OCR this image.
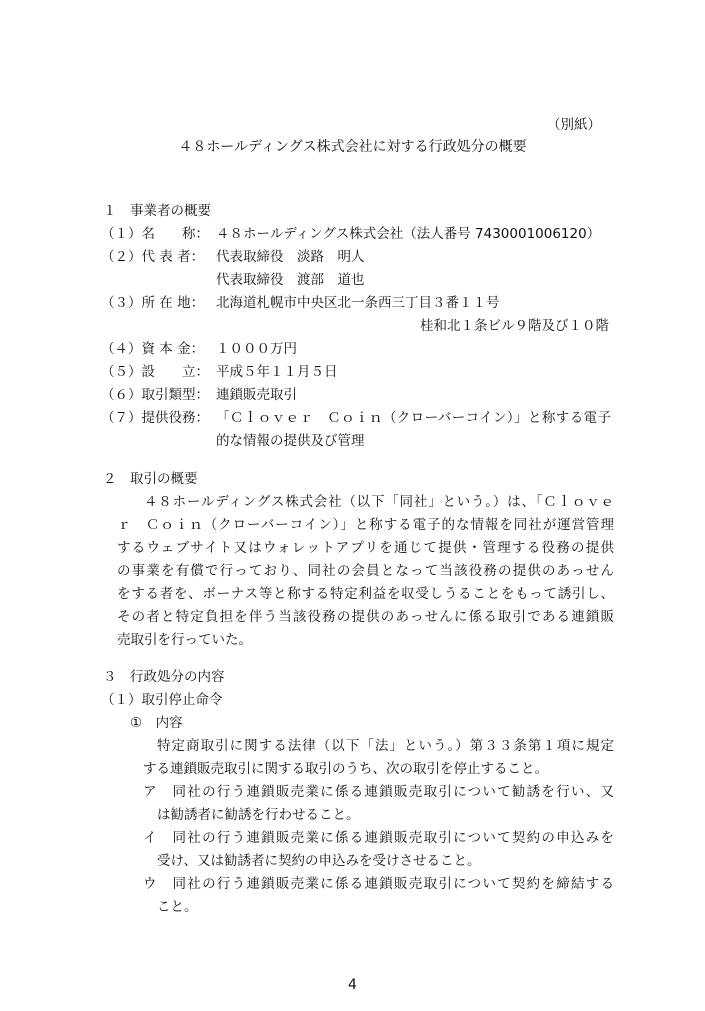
（別紙）
４８ホールディングス株式会社に対する行政処分の概要
１　事業者の概要
（１）名　　称： ４８ホールディングス株式会社（法人番号 7430001006120）
（２）代 表 者： 代表取締役　淡路　明人
代表取締役　渡部　道也
（３）所 在 地： 北海道札幌市中央区北一条西三丁目３番１１号
桂和北１条ビル９階及び１０階
（４）資 本 金： １０００万円
（５）設　　立： 平成５年１１月５日
（６）取引類型： 連鎖販売取引
（７）提供役務： 「Ｃｌｏｖｅｒ　Ｃｏｉｎ（クローバーコイン）」と称する電子
的な情報の提供及び管理
２　取引の概要
４８ホールディングス株式会社（以下「同社」という。）は、「Ｃｌｏｖｅ
ｒ　Ｃｏｉｎ（クローバーコイン）」と称する電子的な情報を同社が運営管理
するウェブサイト又はウォレットアプリを通じて提供・管理する役務の提供
の事業を有償で行っており、同社の会員となって当該役務の提供のあっせん
をする者を、ボーナス等と称する特定利益を収受しうることをもって誘引し、
その者と特定負担を伴う当該役務の提供のあっせんに係る取引である連鎖販
売取引を行っていた。
３　行政処分の内容
（１）取引停止命令
①　内容
特定商取引に関する法律（以下「法」という。）第３３条第１項に規定
する連鎖販売取引に関する取引のうち、次の取引を停止すること。
ア　同社の行う連鎖販売業に係る連鎖販売取引について勧誘を行い、又
は勧誘者に勧誘を行わせること。
イ　同社の行う連鎖販売業に係る連鎖販売取引について契約の申込みを
受け、又は勧誘者に契約の申込みを受けさせること。
ウ　同社の行う連鎖販売業に係る連鎖販売取引について契約を締結する
こと。
4
